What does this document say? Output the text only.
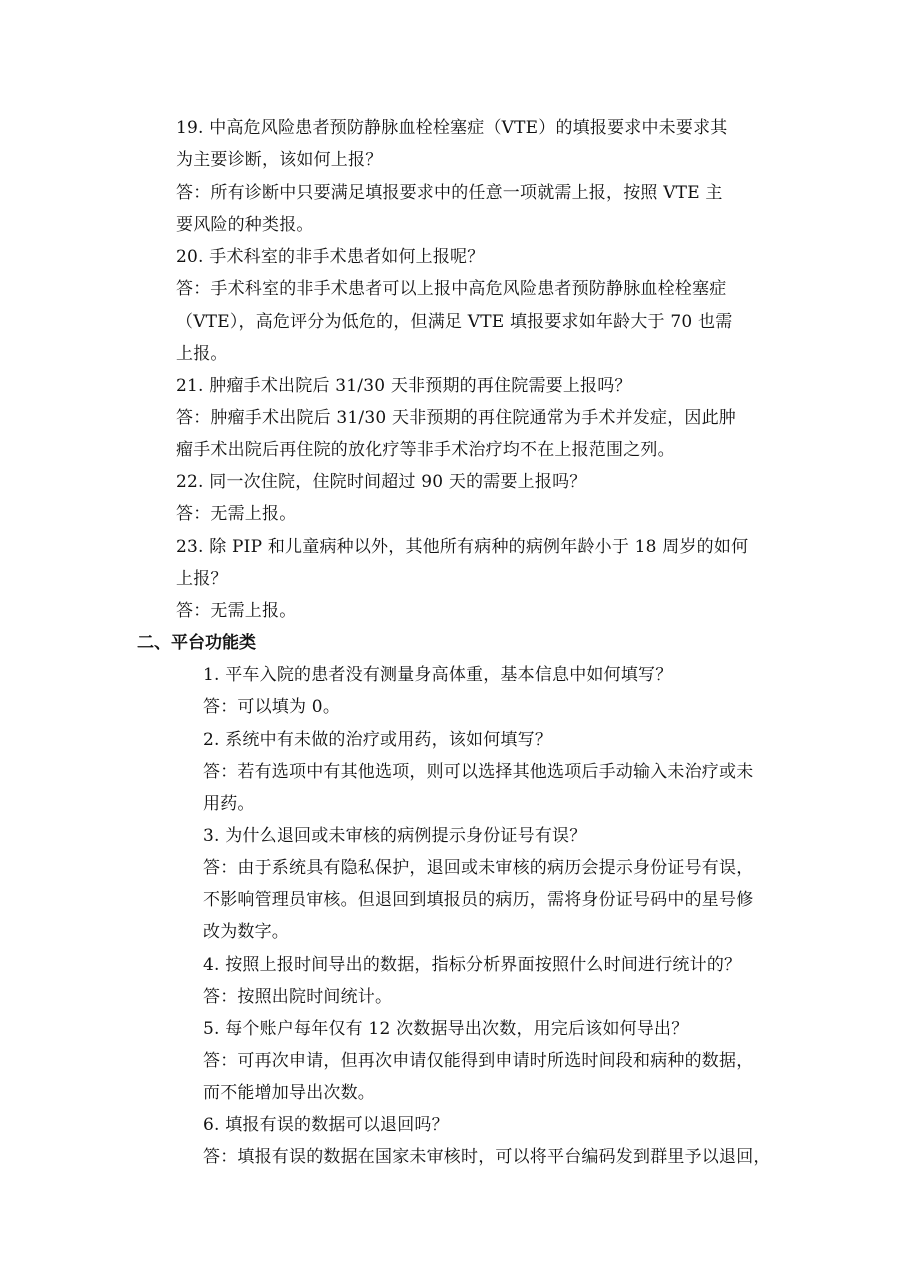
19. 中高危风险患者预防静脉血栓栓塞症（VTE）的填报要求中未要求其
为主要诊断，该如何上报？
答：所有诊断中只要满足填报要求中的任意一项就需上报，按照 VTE 主
要风险的种类报。
20. 手术科室的非手术患者如何上报呢？
答：手术科室的非手术患者可以上报中高危风险患者预防静脉血栓栓塞症
（VTE），高危评分为低危的，但满足 VTE 填报要求如年龄大于 70 也需
上报。
21. 肿瘤手术出院后 31/30 天非预期的再住院需要上报吗？
答：肿瘤手术出院后 31/30 天非预期的再住院通常为手术并发症，因此肿
瘤手术出院后再住院的放化疗等非手术治疗均不在上报范围之列。
22. 同一次住院，住院时间超过 90 天的需要上报吗？
答：无需上报。
23. 除 PIP 和儿童病种以外，其他所有病种的病例年龄小于 18 周岁的如何
上报？
答：无需上报。
二、平台功能类
1. 平车入院的患者没有测量身高体重，基本信息中如何填写？
答：可以填为 0。
2. 系统中有未做的治疗或用药，该如何填写？
答：若有选项中有其他选项，则可以选择其他选项后手动输入未治疗或未
用药。
3. 为什么退回或未审核的病例提示身份证号有误？
答：由于系统具有隐私保护，退回或未审核的病历会提示身份证号有误，
不影响管理员审核。但退回到填报员的病历，需将身份证号码中的星号修
改为数字。
4. 按照上报时间导出的数据，指标分析界面按照什么时间进行统计的？
答：按照出院时间统计。
5. 每个账户每年仅有 12 次数据导出次数，用完后该如何导出？
答：可再次申请，但再次申请仅能得到申请时所选时间段和病种的数据，
而不能增加导出次数。
6. 填报有误的数据可以退回吗？
答：填报有误的数据在国家未审核时，可以将平台编码发到群里予以退回，
